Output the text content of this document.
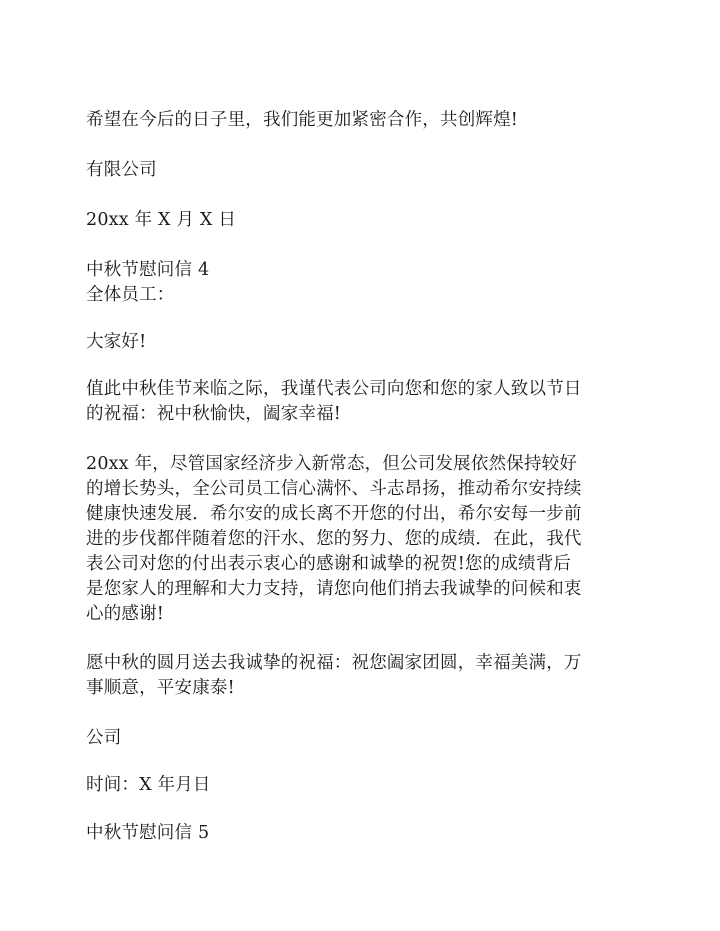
希望在今后的日子里，我们能更加紧密合作，共创辉煌!
有限公司
20xx 年 X 月 X 日
中秋节慰问信 4
全体员工：
大家好!
值此中秋佳节来临之际，我谨代表公司向您和您的家人致以节日
的祝福：祝中秋愉快，阖家幸福!
20xx 年，尽管国家经济步入新常态，但公司发展依然保持较好
的增长势头，全公司员工信心满怀、斗志昂扬，推动希尔安持续
健康快速发展．希尔安的成长离不开您的付出，希尔安每一步前
进的步伐都伴随着您的汗水、您的努力、您的成绩．在此，我代
表公司对您的付出表示衷心的感谢和诚挚的祝贺!您的成绩背后
是您家人的理解和大力支持，请您向他们捎去我诚挚的问候和衷
心的感谢!
愿中秋的圆月送去我诚挚的祝福：祝您阖家团圆，幸福美满，万
事顺意，平安康泰!
公司
时间：X 年月日
中秋节慰问信 5
